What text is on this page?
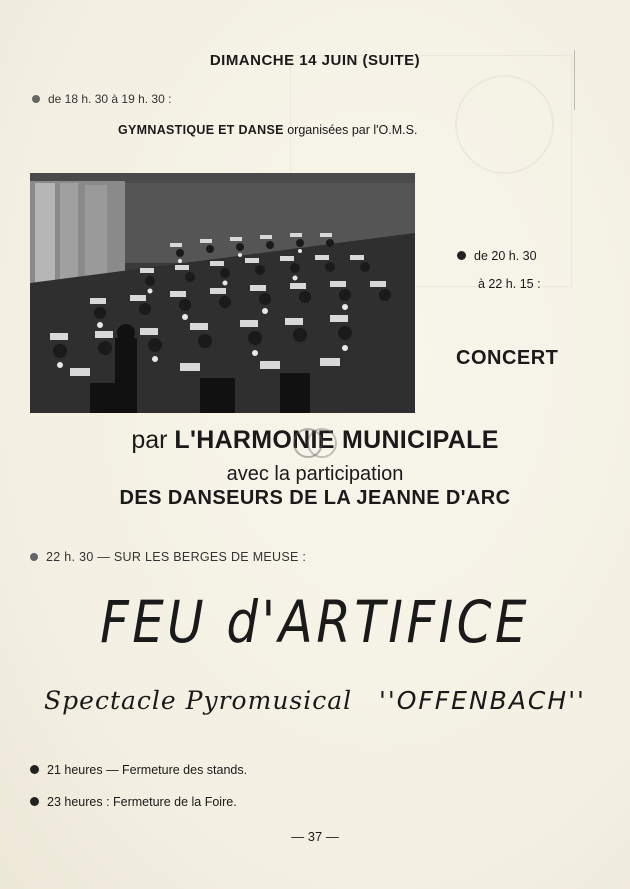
DIMANCHE 14 JUIN (SUITE)
de 18 h. 30 à 19 h. 30 :
GYMNASTIQUE ET DANSE organisées par l'O.M.S.
de 20 h. 30
à 22 h. 15 :
CONCERT
par L'HARMONIE MUNICIPALE
avec la participation
DES DANSEURS DE LA JEANNE D'ARC
22 h. 30 — SUR LES BERGES DE MEUSE :
FEU d'ARTIFICE
Spectacle Pyromusical ''OFFENBACH''
21 heures — Fermeture des stands.
23 heures : Fermeture de la Foire.
— 37 —
